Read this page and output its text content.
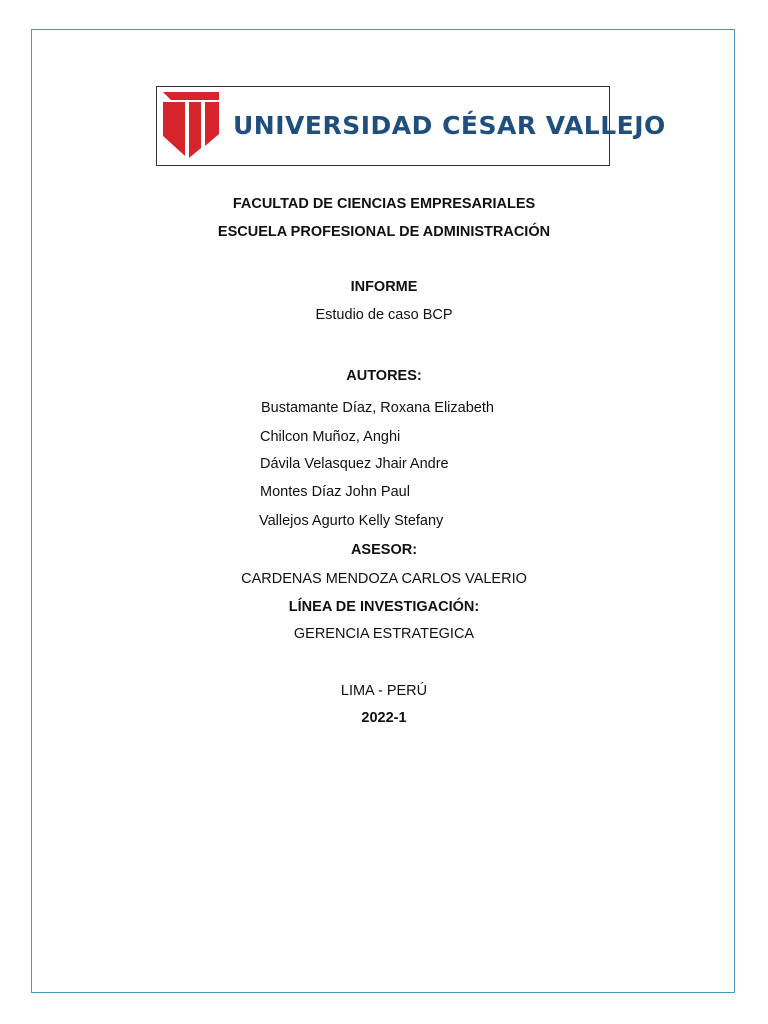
UNIVERSIDAD CÉSAR VALLEJO
FACULTAD DE CIENCIAS EMPRESARIALES
ESCUELA PROFESIONAL DE ADMINISTRACIÓN
INFORME
Estudio de caso BCP
AUTORES:
Bustamante Díaz, Roxana Elizabeth
Chilcon Muñoz, Anghi
Dávila Velasquez Jhair Andre
Montes Díaz John Paul
Vallejos Agurto Kelly Stefany
ASESOR:
CARDENAS MENDOZA CARLOS VALERIO
LÍNEA DE INVESTIGACIÓN:
GERENCIA ESTRATEGICA
LIMA - PERÚ
2022-1
